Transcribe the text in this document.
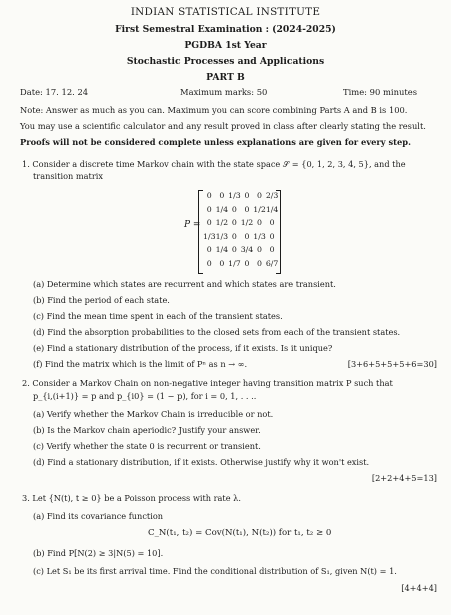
INDIAN STATISTICAL INSTITUTE
First Semestral Examination : (2024-2025)
PGDBA 1st Year
Stochastic Processes and Applications
PART B
Date: 17. 12. 24	Maximum marks: 50	Time: 90 minutes
Note: Answer as much as you can. Maximum you can score combining Parts A and B is 100.
You may use a scientific calculator and any result proved in class after clearly stating the result.
Proofs will not be considered complete unless explanations are given for every step.
1. Consider a discrete time Markov chain with the state space 𝒮 = {0, 1, 2, 3, 4, 5}, and the
transition matrix
P =
0	0	1/3	0	0	2/3
0	1/4	0	0	1/2	1/4
0	1/2	0	1/2	0	0
1/3	1/3	0	0	1/3	0
0	1/4	0	3/4	0	0
0	0	1/7	0	0	6/7
(a) Determine which states are recurrent and which states are transient.
(b) Find the period of each state.
(c) Find the mean time spent in each of the transient states.
(d) Find the absorption probabilities to the closed sets from each of the transient states.
(e) Find a stationary distribution of the process, if it exists. Is it unique?
(f) Find the matrix which is the limit of Pⁿ as n → ∞.	[3+6+5+5+5+6=30]
2. Consider a Markov Chain on non-negative integer having transition matrix P such that
p_{i,(i+1)} = p and p_{i0} = (1 − p), for i = 0, 1, . . ..
(a) Verify whether the Markov Chain is irreducible or not.
(b) Is the Markov chain aperiodic? Justify your answer.
(c) Verify whether the state 0 is recurrent or transient.
(d) Find a stationary distribution, if it exists. Otherwise justify why it won't exist.
[2+2+4+5=13]
3. Let {N(t), t ≥ 0} be a Poisson process with rate λ.
(a) Find its covariance function
C_N(t₁, t₂) = Cov(N(t₁), N(t₂)) for t₁, t₂ ≥ 0
(b) Find P[N(2) ≥ 3|N(5) = 10].
(c) Let S₁ be its first arrival time. Find the conditional distribution of S₁, given N(t) = 1.
[4+4+4]
